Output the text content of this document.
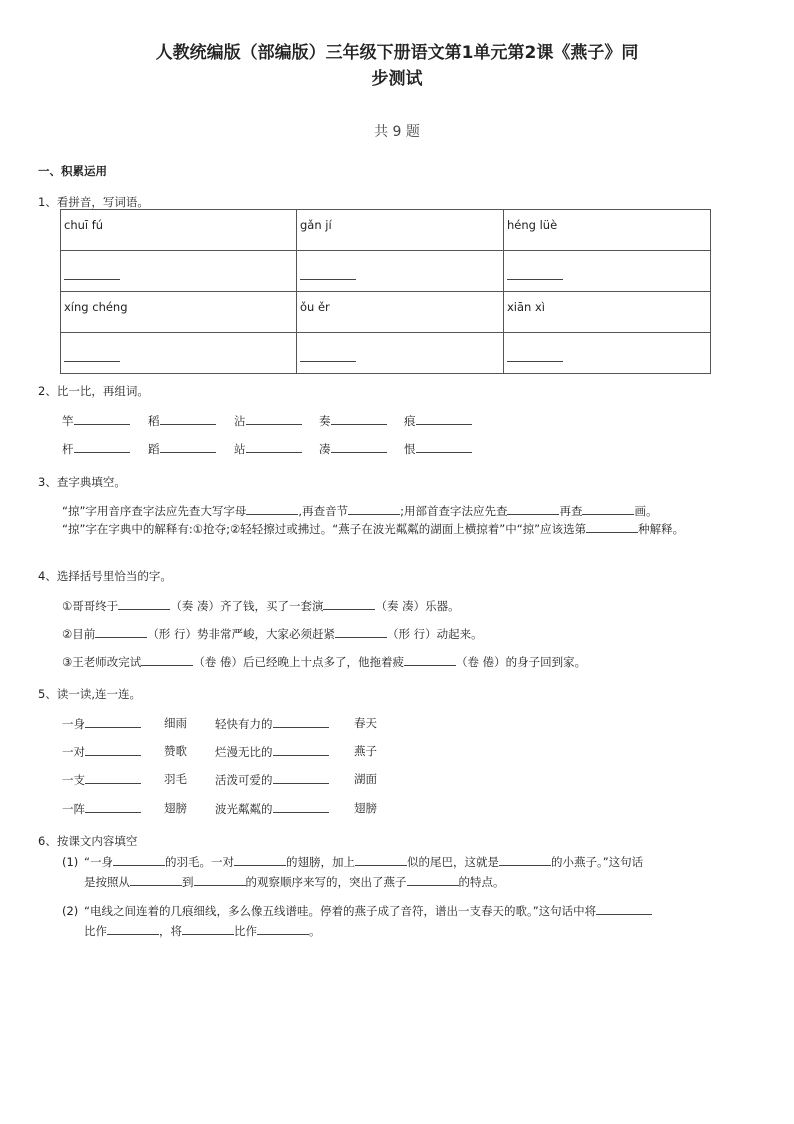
人教统编版（部编版）三年级下册语文第1单元第2课《燕子》同
步测试
共 9 题
一、积累运用
1、看拼音，写词语。
chuī fú	gǎn jí	héng lüè

xíng chéng	ǒu ěr	xiān xì

2、比一比，再组词。
竿	稻	沾	奏	痕
杆	蹈	站	凑	恨
3、查字典填空。
“掠”字用音序查字法应先查大写字母	,再查音节	;用部首查字法应先查	再查	画。
“掠”字在字典中的解释有:①抢夺;②轻轻擦过或拂过。“燕子在波光粼粼的湖面上横掠着”中“掠”应该选第	种解释。
4、选择括号里恰当的字。
①哥哥终于	（奏 凑）齐了钱，买了一套演	（奏 凑）乐器。
②目前	（形 行）势非常严峻，大家必须赶紧	（形 行）动起来。
③王老师改完试	（卷 倦）后已经晚上十点多了，他拖着疲	（卷 倦）的身子回到家。
5、读一读,连一连。
一身	细雨 轻快有力的	春天
一对	赞歌 烂漫无比的	燕子
一支	羽毛 活泼可爱的	湖面
一阵	翅膀 波光粼粼的	翅膀
6、按课文内容填空
(1) “一身	的羽毛。一对	的翅膀，加上	似的尾巴，这就是	的小燕子。”这句话
是按照从	到	的观察顺序来写的，突出了燕子	的特点。
(2) “电线之间连着的几痕细线，多么像五线谱哇。停着的燕子成了音符，谱出一支春天的歌。”这句话中将
比作	，将	比作	。
